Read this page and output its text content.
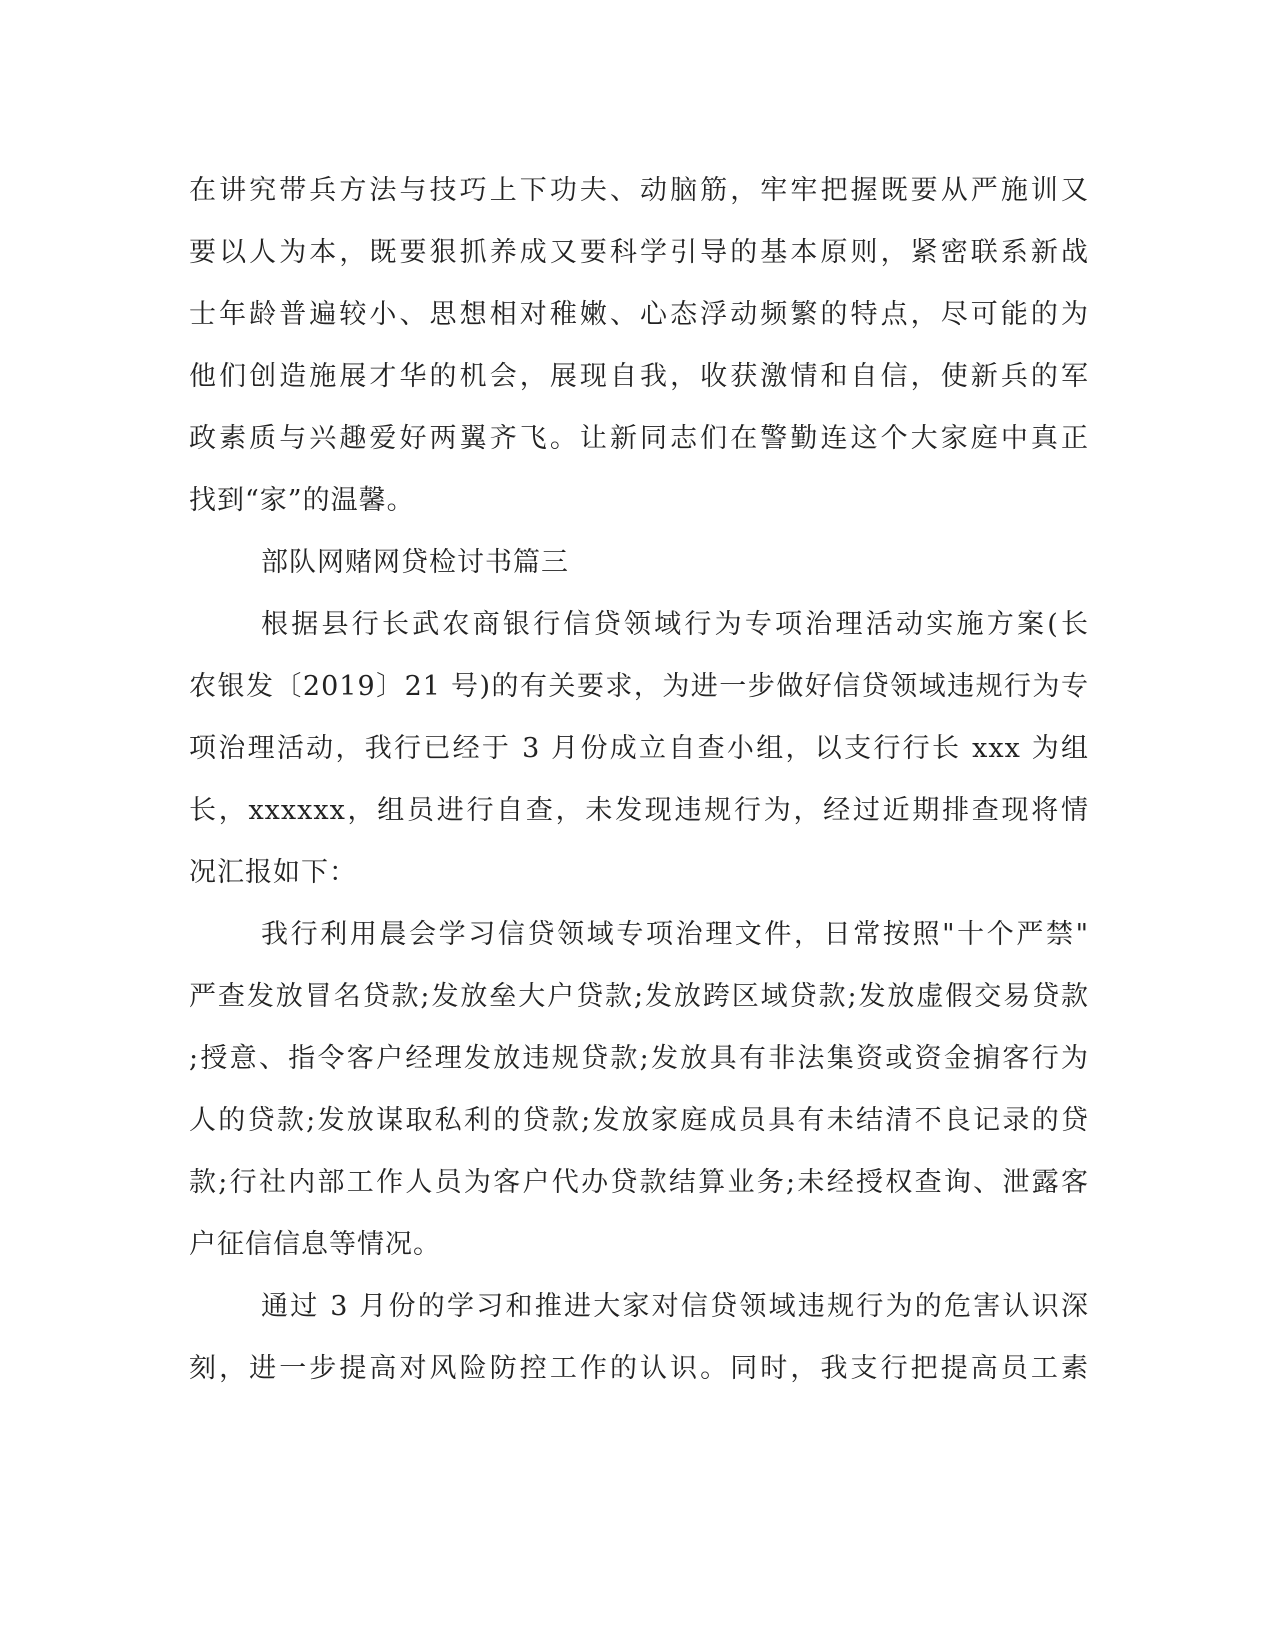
在讲究带兵方法与技巧上下功夫、动脑筋，牢牢把握既要从严施训又
要以人为本，既要狠抓养成又要科学引导的基本原则，紧密联系新战
士年龄普遍较小、思想相对稚嫩、心态浮动频繁的特点，尽可能的为
他们创造施展才华的机会，展现自我，收获激情和自信，使新兵的军
政素质与兴趣爱好两翼齐飞。让新同志们在警勤连这个大家庭中真正
找到“家”的温馨。
部队网赌网贷检讨书篇三
根据县行长武农商银行信贷领域行为专项治理活动实施方案(长
农银发〔2019〕21 号)的有关要求，为进一步做好信贷领域违规行为专
项治理活动，我行已经于 3 月份成立自查小组，以支行行长 xxx 为组
长，xxxxxx，组员进行自查，未发现违规行为，经过近期排查现将情
况汇报如下：
我行利用晨会学习信贷领域专项治理文件，日常按照"十个严禁"
严查发放冒名贷款;发放垒大户贷款;发放跨区域贷款;发放虚假交易贷款
;授意、指令客户经理发放违规贷款;发放具有非法集资或资金掮客行为
人的贷款;发放谋取私利的贷款;发放家庭成员具有未结清不良记录的贷
款;行社内部工作人员为客户代办贷款结算业务;未经授权查询、泄露客
户征信信息等情况。
通过 3 月份的学习和推进大家对信贷领域违规行为的危害认识深
刻，进一步提高对风险防控工作的认识。同时，我支行把提高员工素
